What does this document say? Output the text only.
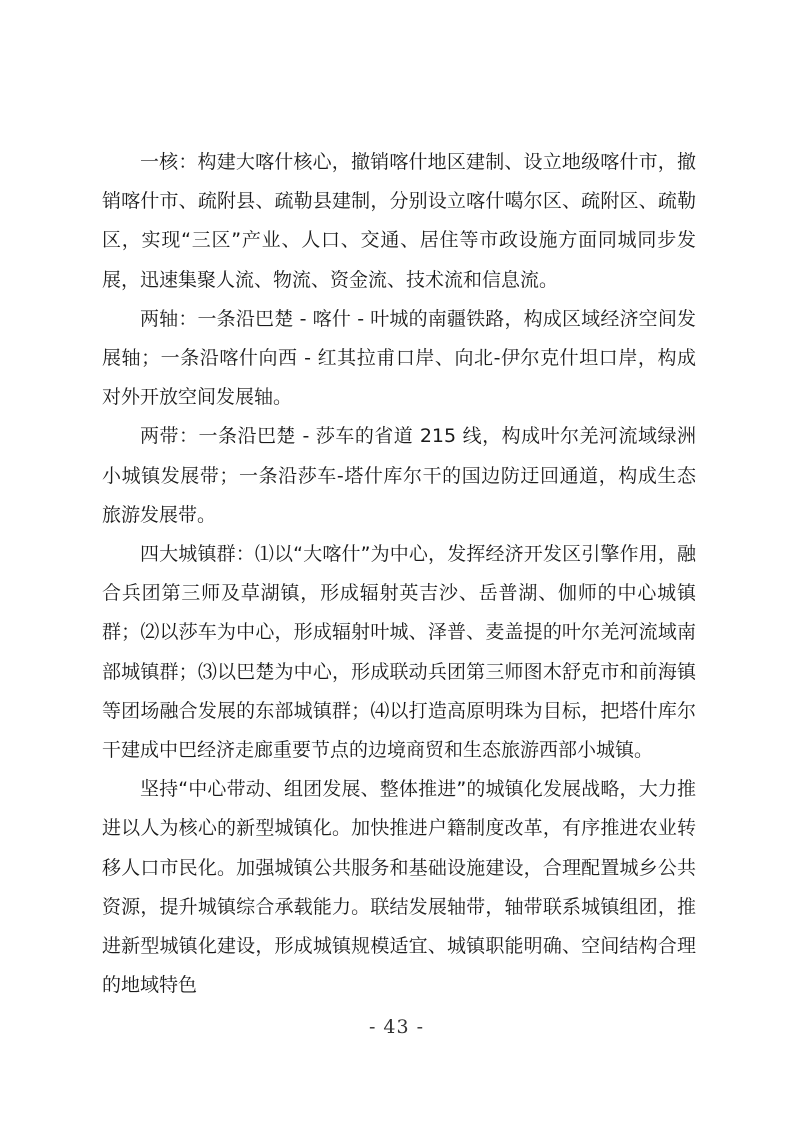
一核：构建大喀什核心，撤销喀什地区建制、设立地级喀什市，撤销喀什市、疏附县、疏勒县建制，分别设立喀什噶尔区、疏附区、疏勒区，实现“三区”产业、人口、交通、居住等市政设施方面同城同步发展，迅速集聚人流、物流、资金流、技术流和信息流。

两轴：一条沿巴楚 - 喀什 - 叶城的南疆铁路，构成区域经济空间发展轴；一条沿喀什向西 - 红其拉甫口岸、向北-伊尔克什坦口岸，构成对外开放空间发展轴。

两带：一条沿巴楚 - 莎车的省道 215 线，构成叶尔羌河流域绿洲小城镇发展带；一条沿莎车-塔什库尔干的国边防迂回通道，构成生态旅游发展带。

四大城镇群：⑴以“大喀什”为中心，发挥经济开发区引擎作用，融合兵团第三师及草湖镇，形成辐射英吉沙、岳普湖、伽师的中心城镇群；⑵以莎车为中心，形成辐射叶城、泽普、麦盖提的叶尔羌河流域南部城镇群；⑶以巴楚为中心，形成联动兵团第三师图木舒克市和前海镇等团场融合发展的东部城镇群；⑷以打造高原明珠为目标，把塔什库尔干建成中巴经济走廊重要节点的边境商贸和生态旅游西部小城镇。

坚持“中心带动、组团发展、整体推进”的城镇化发展战略，大力推进以人为核心的新型城镇化。加快推进户籍制度改革，有序推进农业转移人口市民化。加强城镇公共服务和基础设施建设，合理配置城乡公共资源，提升城镇综合承载能力。联结发展轴带，轴带联系城镇组团，推进新型城镇化建设，形成城镇规模适宜、城镇职能明确、空间结构合理的地域特色

- 43 -
